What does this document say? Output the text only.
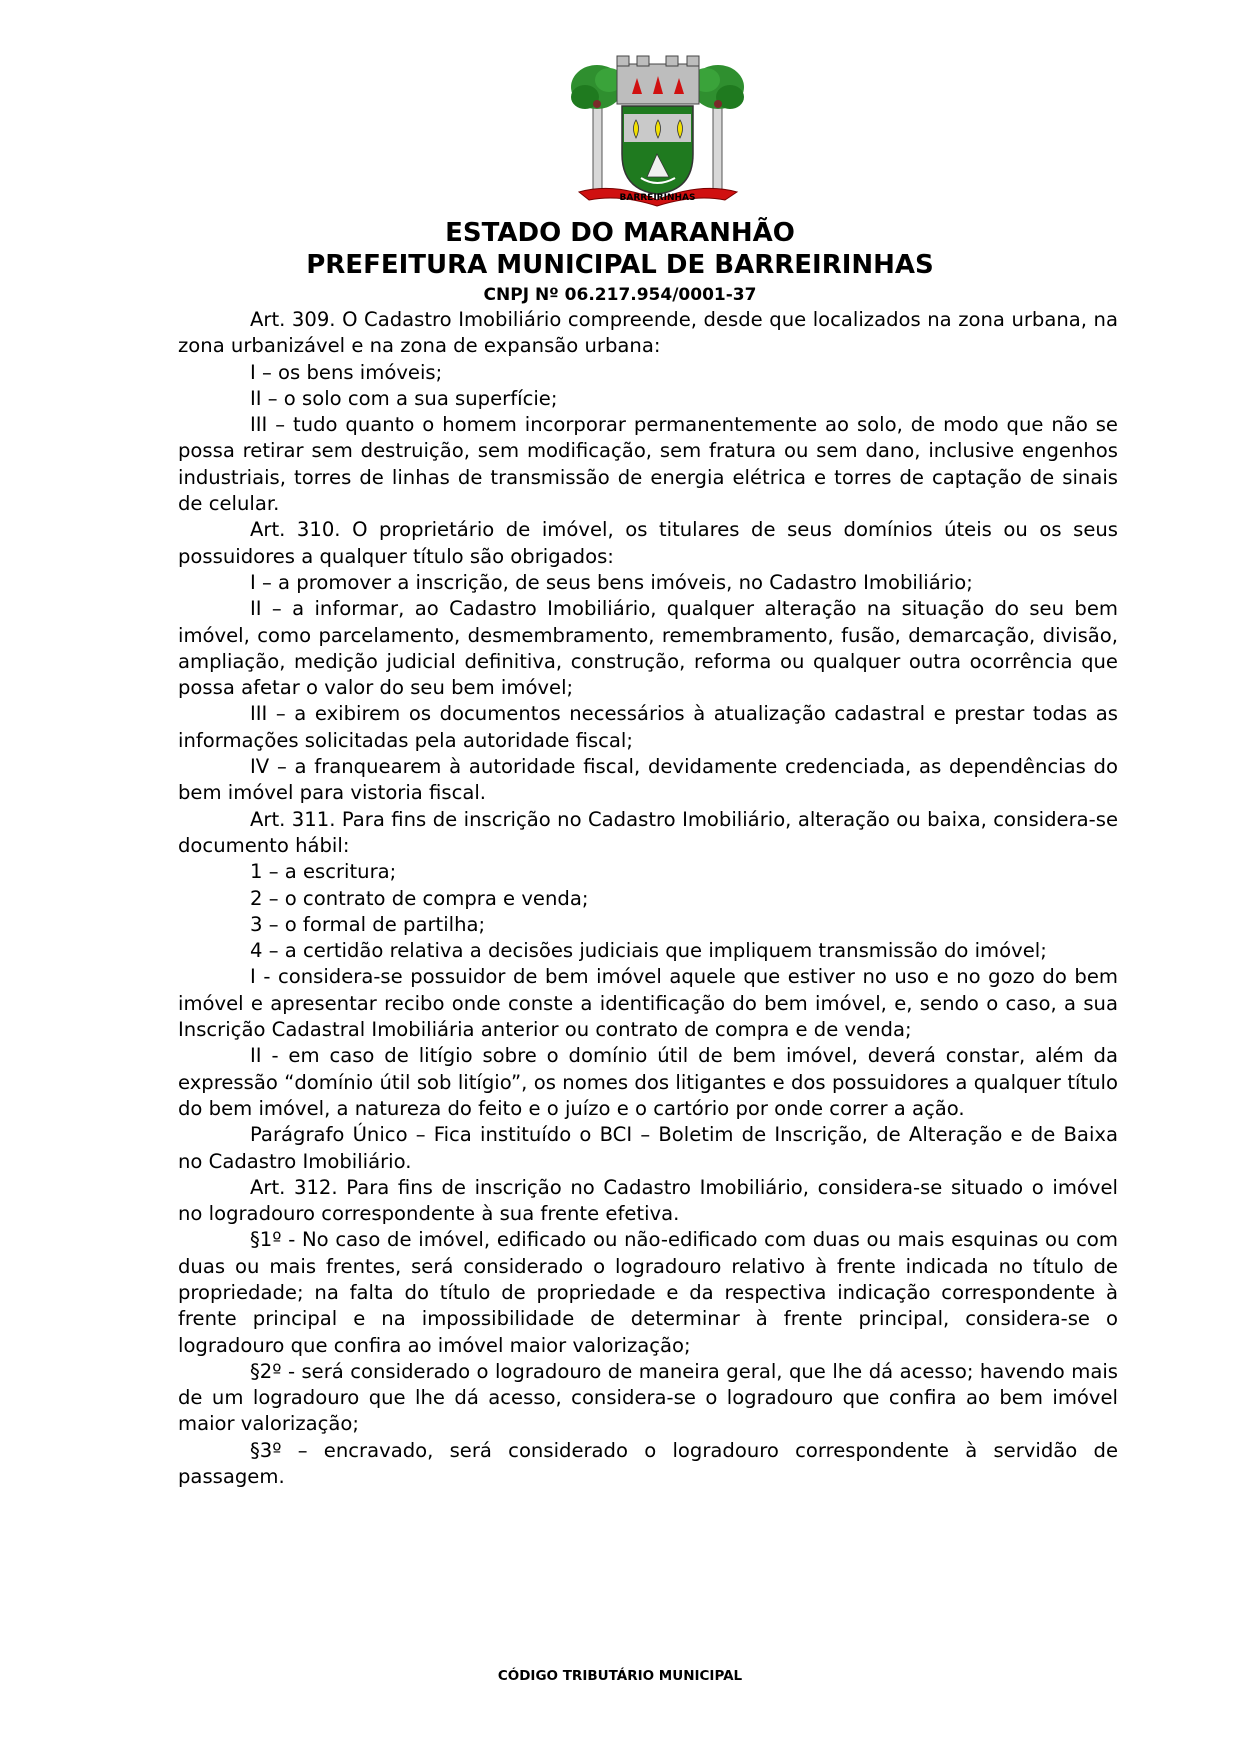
BARREIRINHAS
ESTADO DO MARANHÃO
PREFEITURA MUNICIPAL DE BARREIRINHAS
CNPJ Nº 06.217.954/0001-37

Art. 309. O Cadastro Imobiliário compreende, desde que localizados na zona urbana, na zona urbanizável e na zona de expansão urbana:

I – os bens imóveis;

II – o solo com a sua superfície;

III – tudo quanto o homem incorporar permanentemente ao solo, de modo que não se possa retirar sem destruição, sem modificação, sem fratura ou sem dano, inclusive engenhos industriais, torres de linhas de transmissão de energia elétrica e torres de captação de sinais de celular.

Art. 310. O proprietário de imóvel, os titulares de seus domínios úteis ou os seus possuidores a qualquer título são obrigados:

I – a promover a inscrição, de seus bens imóveis, no Cadastro Imobiliário;

II – a informar, ao Cadastro Imobiliário, qualquer alteração na situação do seu bem imóvel, como parcelamento, desmembramento, remembramento, fusão, demarcação, divisão, ampliação, medição judicial definitiva, construção, reforma ou qualquer outra ocorrência que possa afetar o valor do seu bem imóvel;

III – a exibirem os documentos necessários à atualização cadastral e prestar todas as informações solicitadas pela autoridade fiscal;

IV – a franquearem à autoridade fiscal, devidamente credenciada, as dependências do bem imóvel para vistoria fiscal.

Art. 311. Para fins de inscrição no Cadastro Imobiliário, alteração ou baixa, considera-se documento hábil:

1 – a escritura;

2 – o contrato de compra e venda;

3 – o formal de partilha;

4 – a certidão relativa a decisões judiciais que impliquem transmissão do imóvel;

I - considera-se possuidor de bem imóvel aquele que estiver no uso e no gozo do bem imóvel e apresentar recibo onde conste a identificação do bem imóvel, e, sendo o caso, a sua Inscrição Cadastral Imobiliária anterior ou contrato de compra e de venda;

II - em caso de litígio sobre o domínio útil de bem imóvel, deverá constar, além da expressão “domínio útil sob litígio”, os nomes dos litigantes e dos possuidores a qualquer título do bem imóvel, a natureza do feito e o juízo e o cartório por onde correr a ação.

Parágrafo Único – Fica instituído o BCI – Boletim de Inscrição, de Alteração e de Baixa no Cadastro Imobiliário.

Art. 312. Para fins de inscrição no Cadastro Imobiliário, considera-se situado o imóvel no logradouro correspondente à sua frente efetiva.

§1º - No caso de imóvel, edificado ou não-edificado com duas ou mais esquinas ou com duas ou mais frentes, será considerado o logradouro relativo à frente indicada no título de propriedade; na falta do título de propriedade e da respectiva indicação correspondente à frente principal e na impossibilidade de determinar à frente principal, considera-se o logradouro que confira ao imóvel maior valorização;

§2º - será considerado o logradouro de maneira geral, que lhe dá acesso; havendo mais de um logradouro que lhe dá acesso, considera-se o logradouro que confira ao bem imóvel maior valorização;

§3º – encravado, será considerado o logradouro correspondente à servidão de passagem.

CÓDIGO TRIBUTÁRIO MUNICIPAL
